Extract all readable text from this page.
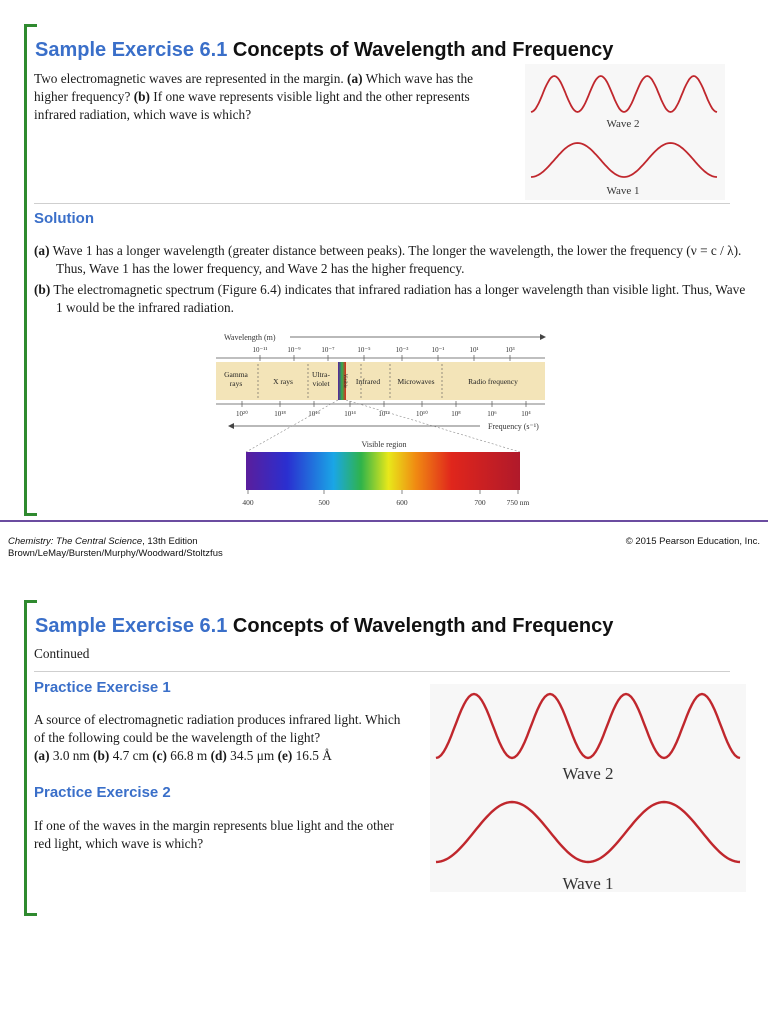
Sample Exercise 6.1 Concepts of Wavelength and Frequency
Two electromagnetic waves are represented in the margin. (a) Which wave has the higher frequency? (b) If one wave represents visible light and the other represents infrared radiation, which wave is which?
Wave 2
Wave 1
Solution
(a) Wave 1 has a longer wavelength (greater distance between peaks). The longer the wavelength, the lower the frequency (ν = c / λ). Thus, Wave 1 has the lower frequency, and Wave 2 has the higher frequency.
(b) The electromagnetic spectrum (Figure 6.4) indicates that infrared radiation has a longer wavelength than visible light. Thus, Wave 1 would be the infrared radiation.
Wavelength (m)
10⁻¹¹	10⁻⁹	10⁻⁷	10⁻⁵	10⁻³	10⁻¹	10¹	10³
Gamma rays	X rays
Ultra-violet Visible Infrared Microwaves	Radio frequency
10²⁰	10¹⁸	10¹⁶	10¹⁴	10¹²	10¹⁰	10⁸	10⁶	10⁴
Frequency (s⁻¹)
Visible region
400	500	600	700	750 nm
Chemistry: The Central Science, 13th Edition
Brown/LeMay/Bursten/Murphy/Woodward/Stoltzfus
© 2015 Pearson Education, Inc.
Sample Exercise 6.1 Concepts of Wavelength and Frequency
Continued
Practice Exercise 1
A source of electromagnetic radiation produces infrared light. Which of the following could be the wavelength of the light?
(a) 3.0 nm (b) 4.7 cm (c) 66.8 m (d) 34.5 μm (e) 16.5 Å
Practice Exercise 2
If one of the waves in the margin represents blue light and the other red light, which wave is which?
Wave 2
Wave 1
